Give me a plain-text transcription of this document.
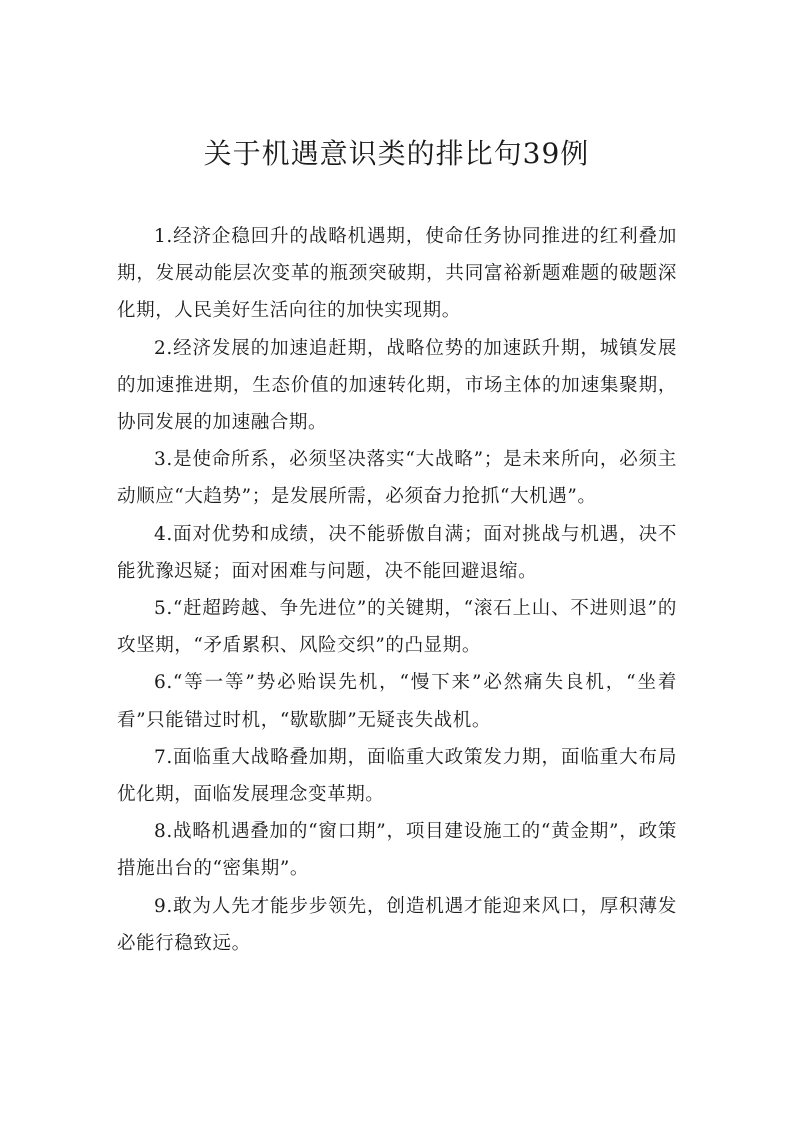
关于机遇意识类的排比句39例

1.经济企稳回升的战略机遇期，使命任务协同推进的红利叠加期，发展动能层次变革的瓶颈突破期，共同富裕新题难题的破题深化期，人民美好生活向往的加快实现期。

2.经济发展的加速追赶期，战略位势的加速跃升期，城镇发展的加速推进期，生态价值的加速转化期，市场主体的加速集聚期，协同发展的加速融合期。

3.是使命所系，必须坚决落实“大战略”；是未来所向，必须主动顺应“大趋势”；是发展所需，必须奋力抢抓“大机遇”。

4.面对优势和成绩，决不能骄傲自满；面对挑战与机遇，决不能犹豫迟疑；面对困难与问题，决不能回避退缩。

5.“赶超跨越、争先进位”的关键期，“滚石上山、不进则退”的攻坚期，“矛盾累积、风险交织”的凸显期。

6.“等一等”势必贻误先机，“慢下来”必然痛失良机，“坐着看”只能错过时机，“歇歇脚”无疑丧失战机。

7.面临重大战略叠加期，面临重大政策发力期，面临重大布局优化期，面临发展理念变革期。

8.战略机遇叠加的“窗口期”，项目建设施工的“黄金期”，政策措施出台的“密集期”。

9.敢为人先才能步步领先，创造机遇才能迎来风口，厚积薄发必能行稳致远。
